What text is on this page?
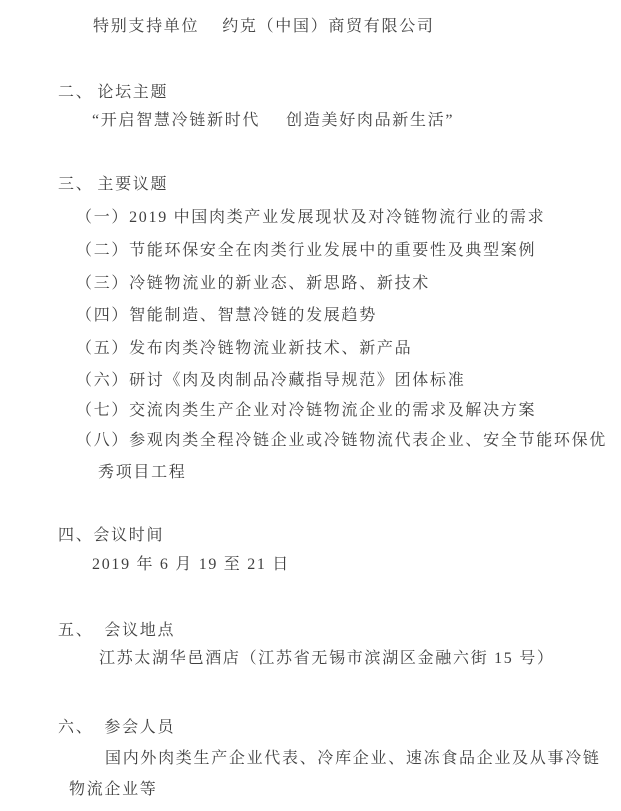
特别支持单位 约克（中国）商贸有限公司
二、 论坛主题
“开启智慧冷链新时代 创造美好肉品新生活”
三、 主要议题
（一）2019 中国肉类产业发展现状及对冷链物流行业的需求
（二）节能环保安全在肉类行业发展中的重要性及典型案例
（三）冷链物流业的新业态、新思路、新技术
（四）智能制造、智慧冷链的发展趋势
（五）发布肉类冷链物流业新技术、新产品
（六）研讨《肉及肉制品冷藏指导规范》团体标准
（七）交流肉类生产企业对冷链物流企业的需求及解决方案
（八）参观肉类全程冷链企业或冷链物流代表企业、安全节能环保优
秀项目工程
四、会议时间
2019 年 6 月 19 至 21 日
五、 会议地点
江苏太湖华邑酒店（江苏省无锡市滨湖区金融六街 15 号）
六、 参会人员
国内外肉类生产企业代表、冷库企业、速冻食品企业及从事冷链
物流企业等
